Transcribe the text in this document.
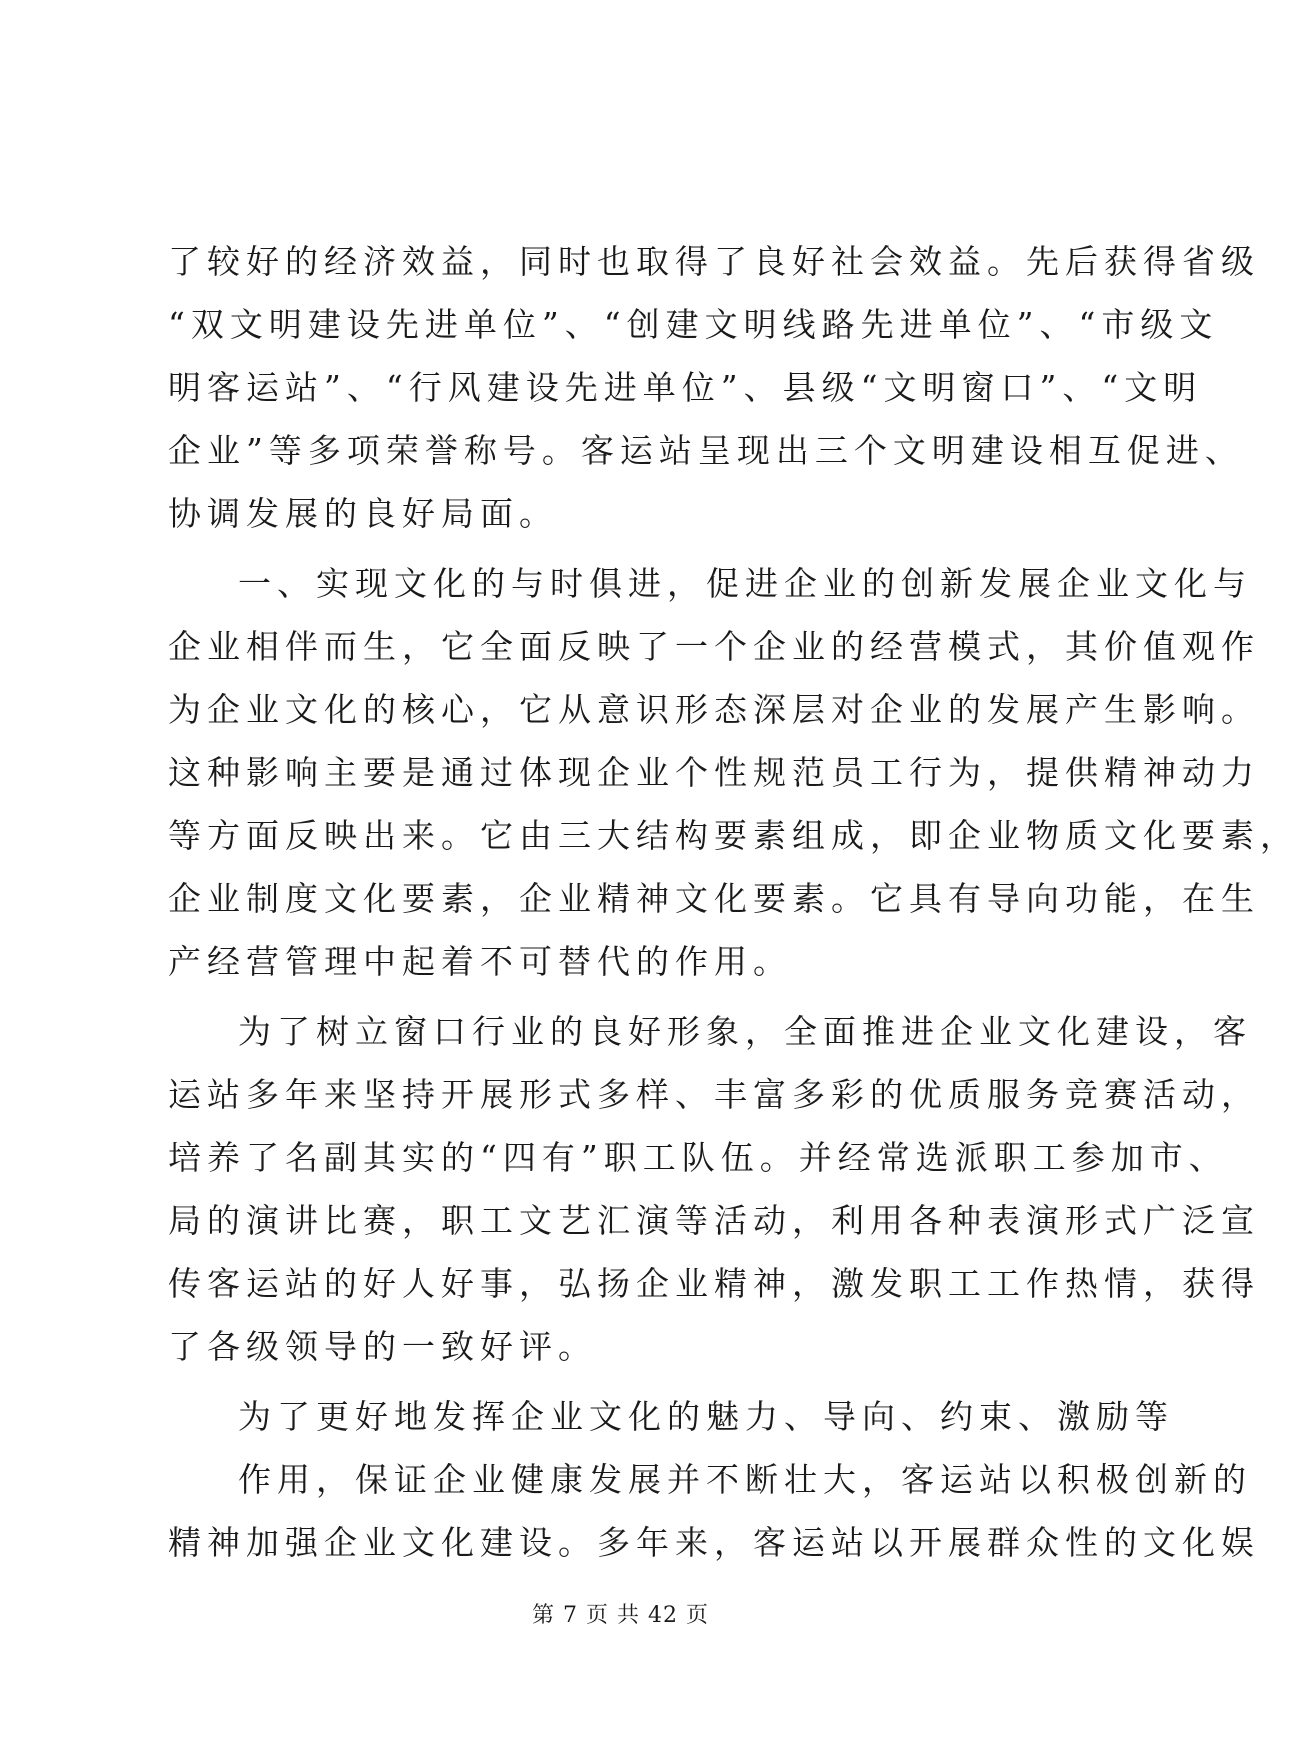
了较好的经济效益，同时也取得了良好社会效益。先后获得省级
“双文明建设先进单位”、“创建文明线路先进单位”、“市级文
明客运站”、“行风建设先进单位”、县级“文明窗口”、“文明
企业”等多项荣誉称号。客运站呈现出三个文明建设相互促进、
协调发展的良好局面。
一、实现文化的与时俱进，促进企业的创新发展企业文化与
企业相伴而生，它全面反映了一个企业的经营模式，其价值观作
为企业文化的核心，它从意识形态深层对企业的发展产生影响。
这种影响主要是通过体现企业个性规范员工行为，提供精神动力
等方面反映出来。它由三大结构要素组成，即企业物质文化要素，
企业制度文化要素，企业精神文化要素。它具有导向功能，在生
产经营管理中起着不可替代的作用。
为了树立窗口行业的良好形象，全面推进企业文化建设，客
运站多年来坚持开展形式多样、丰富多彩的优质服务竞赛活动，
培养了名副其实的“四有”职工队伍。并经常选派职工参加市、
局的演讲比赛，职工文艺汇演等活动，利用各种表演形式广泛宣
传客运站的好人好事，弘扬企业精神，激发职工工作热情，获得
了各级领导的一致好评。
为了更好地发挥企业文化的魅力、导向、约束、激励等
作用，保证企业健康发展并不断壮大，客运站以积极创新的
精神加强企业文化建设。多年来，客运站以开展群众性的文化娱
第 7 页 共 42 页
